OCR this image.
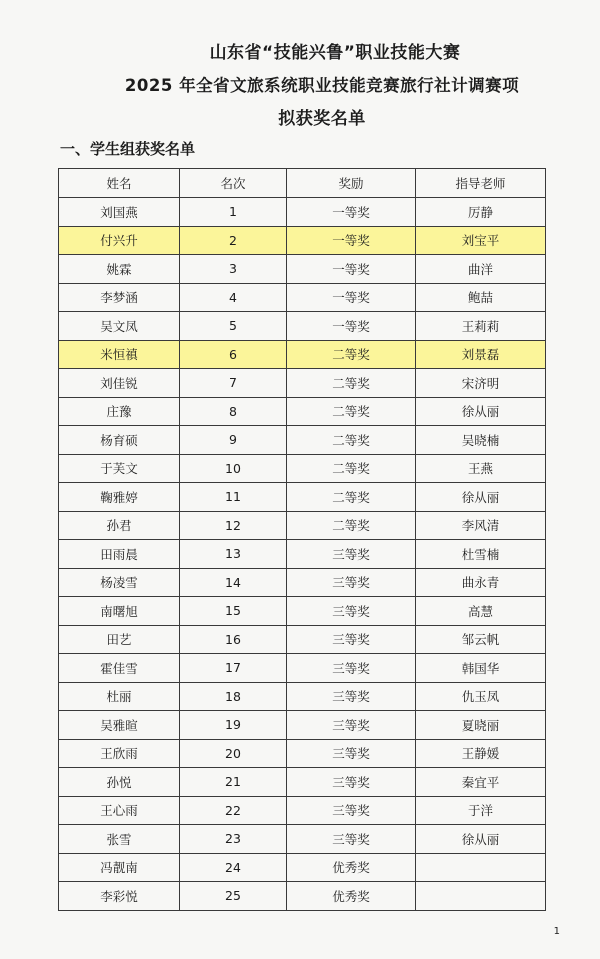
山东省“技能兴鲁”职业技能大赛
2025 年全省文旅系统职业技能竞赛旅行社计调赛项
拟获奖名单
一、学生组获奖名单
姓名	名次	奖励	指导老师
刘国燕	1	一等奖	厉静
付兴升	2	一等奖	刘宝平
姚霖	3	一等奖	曲洋
李梦涵	4	一等奖	鲍喆
吴文凤	5	一等奖	王莉莉
米恒禛	6	二等奖	刘景磊
刘佳锐	7	二等奖	宋济明
庄豫	8	二等奖	徐从丽
杨育硕	9	二等奖	吴晓楠
于芙文	10	二等奖	王燕
鞠雅婷	11	二等奖	徐从丽
孙君	12	二等奖	李风清
田雨晨	13	三等奖	杜雪楠
杨凌雪	14	三等奖	曲永青
南曙旭	15	三等奖	高慧
田艺	16	三等奖	邹云帆
霍佳雪	17	三等奖	韩国华
杜丽	18	三等奖	仇玉凤
吴雅暄	19	三等奖	夏晓丽
王欣雨	20	三等奖	王静媛
孙悦	21	三等奖	秦宜平
王心雨	22	三等奖	于洋
张雪	23	三等奖	徐从丽
冯靓南	24	优秀奖	
李彩悦	25	优秀奖	
1
